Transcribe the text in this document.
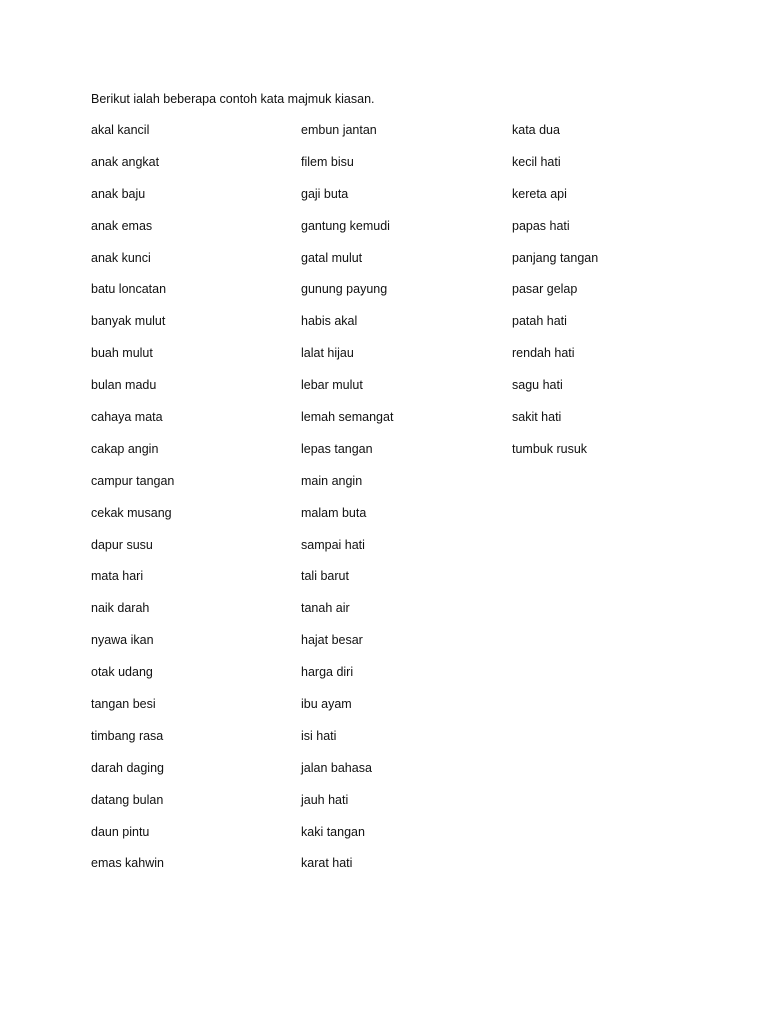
Berikut ialah beberapa contoh kata majmuk kiasan.
akal kancil
anak angkat
anak baju
anak emas
anak kunci
batu loncatan
banyak mulut
buah mulut
bulan madu
cahaya mata
cakap angin
campur tangan
cekak musang
dapur susu
mata hari
naik darah
nyawa ikan
otak udang
tangan besi
timbang rasa
darah daging
datang bulan
daun pintu
emas kahwin
embun jantan
filem bisu
gaji buta
gantung kemudi
gatal mulut
gunung payung
habis akal
lalat hijau
lebar mulut
lemah semangat
lepas tangan
main angin
malam buta
sampai hati
tali barut
tanah air
hajat besar
harga diri
ibu ayam
isi hati
jalan bahasa
jauh hati
kaki tangan
karat hati
kata dua
kecil hati
kereta api
papas hati
panjang tangan
pasar gelap
patah hati
rendah hati
sagu hati
sakit hati
tumbuk rusuk
